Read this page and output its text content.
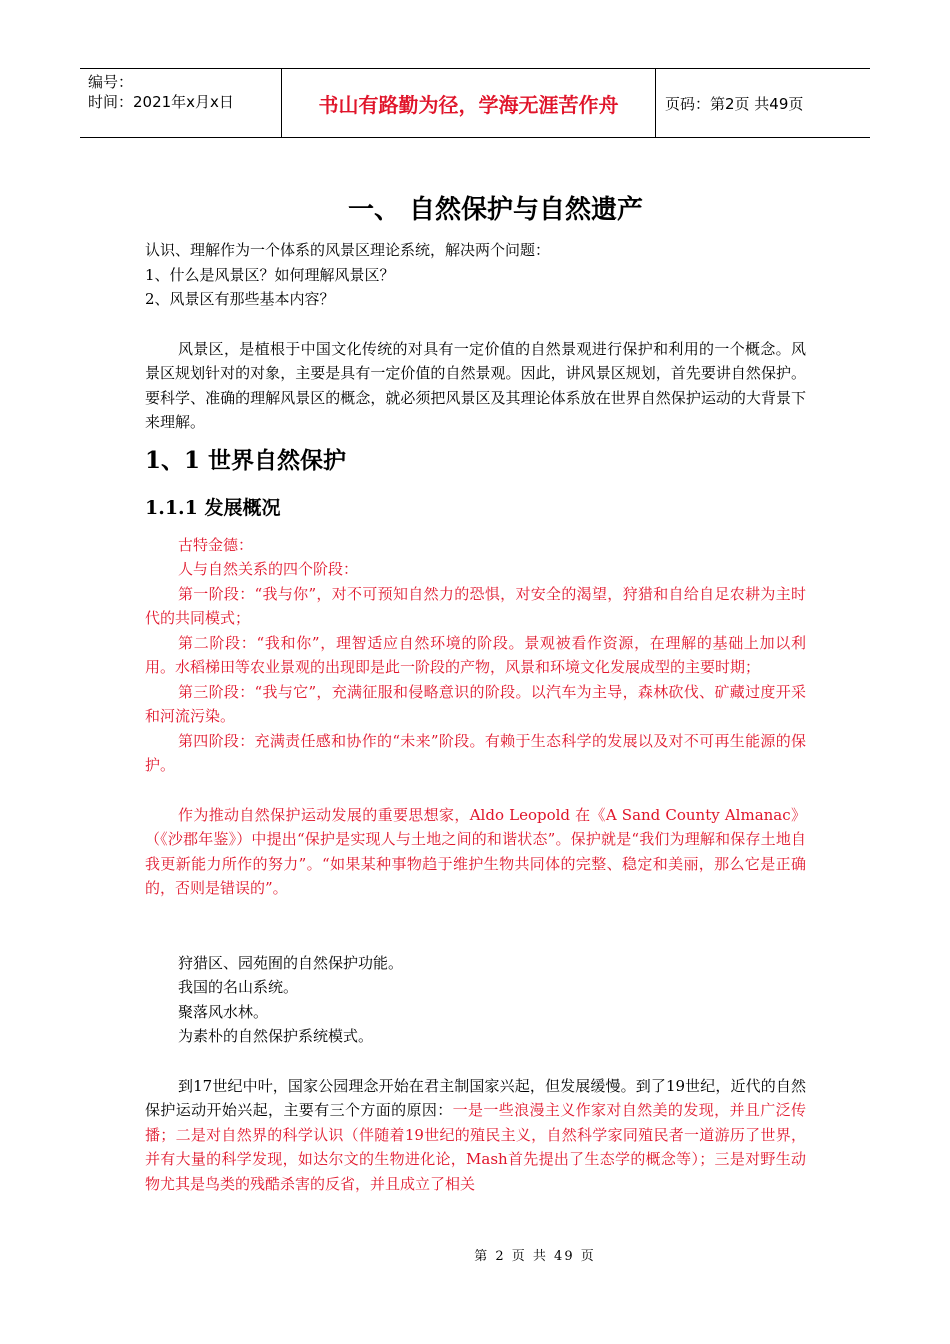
编号：
时间：2021年x月x日	书山有路勤为径，学海无涯苦作舟	页码：第2页 共49页
一、 自然保护与自然遗产

认识、理解作为一个体系的风景区理论系统，解决两个问题：

1、什么是风景区？如何理解风景区？

2、风景区有那些基本内容？

风景区，是植根于中国文化传统的对具有一定价值的自然景观进行保护和利用的一个概念。风景区规划针对的对象，主要是具有一定价值的自然景观。因此，讲风景区规划，首先要讲自然保护。要科学、准确的理解风景区的概念，就必须把风景区及其理论体系放在世界自然保护运动的大背景下来理解。

1、1 世界自然保护
1.1.1 发展概况

古特金德：

人与自然关系的四个阶段：

第一阶段：“我与你”，对不可预知自然力的恐惧，对安全的渴望，狩猎和自给自足农耕为主时代的共同模式；

第二阶段：“我和你”，理智适应自然环境的阶段。景观被看作资源，在理解的基础上加以利用。水稻梯田等农业景观的出现即是此一阶段的产物，风景和环境文化发展成型的主要时期；

第三阶段：“我与它”，充满征服和侵略意识的阶段。以汽车为主导，森林砍伐、矿藏过度开采和河流污染。

第四阶段：充满责任感和协作的“未来”阶段。有赖于生态科学的发展以及对不可再生能源的保护。

作为推动自然保护运动发展的重要思想家，Aldo Leopold 在《A Sand County Almanac》（《沙郡年鉴》）中提出“保护是实现人与土地之间的和谐状态”。保护就是“我们为理解和保存土地自我更新能力所作的努力”。“如果某种事物趋于维护生物共同体的完整、稳定和美丽，那么它是正确的，否则是错误的”。

狩猎区、园苑囿的自然保护功能。

我国的名山系统。

聚落风水林。

为素朴的自然保护系统模式。

到17世纪中叶，国家公园理念开始在君主制国家兴起，但发展缓慢。到了19世纪，近代的自然保护运动开始兴起，主要有三个方面的原因：一是一些浪漫主义作家对自然美的发现，并且广泛传播；二是对自然界的科学认识（伴随着19世纪的殖民主义，自然科学家同殖民者一道游历了世界，并有大量的科学发现，如达尔文的生物进化论，Mash首先提出了生态学的概念等）；三是对野生动物尤其是鸟类的残酷杀害的反省，并且成立了相关

第 2 页 共 49 页
